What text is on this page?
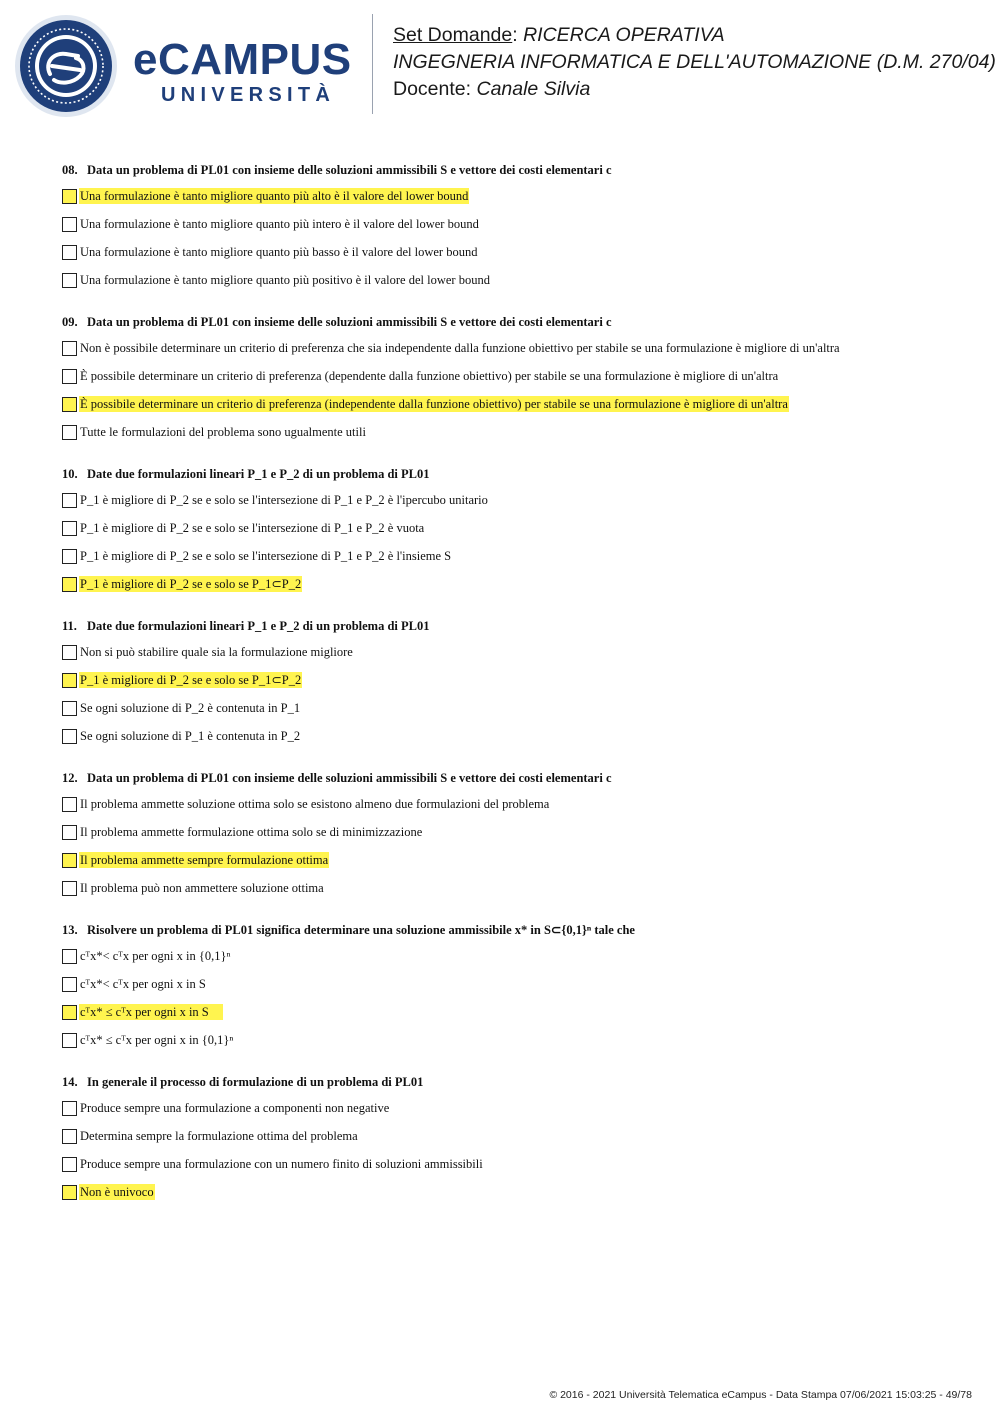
eCAMPUS
UNIVERSITÀ
Set Domande: RICERCA OPERATIVA
INGEGNERIA INFORMATICA E DELL'AUTOMAZIONE (D.M. 270/04)
Docente: Canale Silvia
08. Data un problema di PL01 con insieme delle soluzioni ammissibili S e vettore dei costi elementari c
Una formulazione è tanto migliore quanto più alto è il valore del lower bound
Una formulazione è tanto migliore quanto più intero è il valore del lower bound
Una formulazione è tanto migliore quanto più basso è il valore del lower bound
Una formulazione è tanto migliore quanto più positivo è il valore del lower bound
09. Data un problema di PL01 con insieme delle soluzioni ammissibili S e vettore dei costi elementari c
Non è possibile determinare un criterio di preferenza che sia independente dalla funzione obiettivo per stabile se una formulazione è migliore di un'altra
È possibile determinare un criterio di preferenza (dependente dalla funzione obiettivo) per stabile se una formulazione è migliore di un'altra
È possibile determinare un criterio di preferenza (independente dalla funzione obiettivo) per stabile se una formulazione è migliore di un'altra
Tutte le formulazioni del problema sono ugualmente utili
10. Date due formulazioni lineari P_1 e P_2 di un problema di PL01
P_1 è migliore di P_2 se e solo se l'intersezione di P_1 e P_2 è l'ipercubo unitario
P_1 è migliore di P_2 se e solo se l'intersezione di P_1 e P_2 è vuota
P_1 è migliore di P_2 se e solo se l'intersezione di P_1 e P_2 è l'insieme S
P_1 è migliore di P_2 se e solo se P_1⊂P_2
11. Date due formulazioni lineari P_1 e P_2 di un problema di PL01
Non si può stabilire quale sia la formulazione migliore
P_1 è migliore di P_2 se e solo se P_1⊂P_2
Se ogni soluzione di P_2 è contenuta in P_1
Se ogni soluzione di P_1 è contenuta in P_2
12. Data un problema di PL01 con insieme delle soluzioni ammissibili S e vettore dei costi elementari c
Il problema ammette soluzione ottima solo se esistono almeno due formulazioni del problema
Il problema ammette formulazione ottima solo se di minimizzazione
Il problema ammette sempre formulazione ottima
Il problema può non ammettere soluzione ottima
13. Risolvere un problema di PL01 significa determinare una soluzione ammissibile x* in S⊂{0,1}ⁿ tale che
cᵀx*< cᵀx per ogni x in {0,1}ⁿ
cᵀx*< cᵀx per ogni x in S
cᵀx* ≤ cᵀx per ogni x in S
cᵀx* ≤ cᵀx per ogni x in {0,1}ⁿ
14. In generale il processo di formulazione di un problema di PL01
Produce sempre una formulazione a componenti non negative
Determina sempre la formulazione ottima del problema
Produce sempre una formulazione con un numero finito di soluzioni ammissibili
Non è univoco
© 2016 - 2021 Università Telematica eCampus - Data Stampa 07/06/2021 15:03:25 - 49/78
